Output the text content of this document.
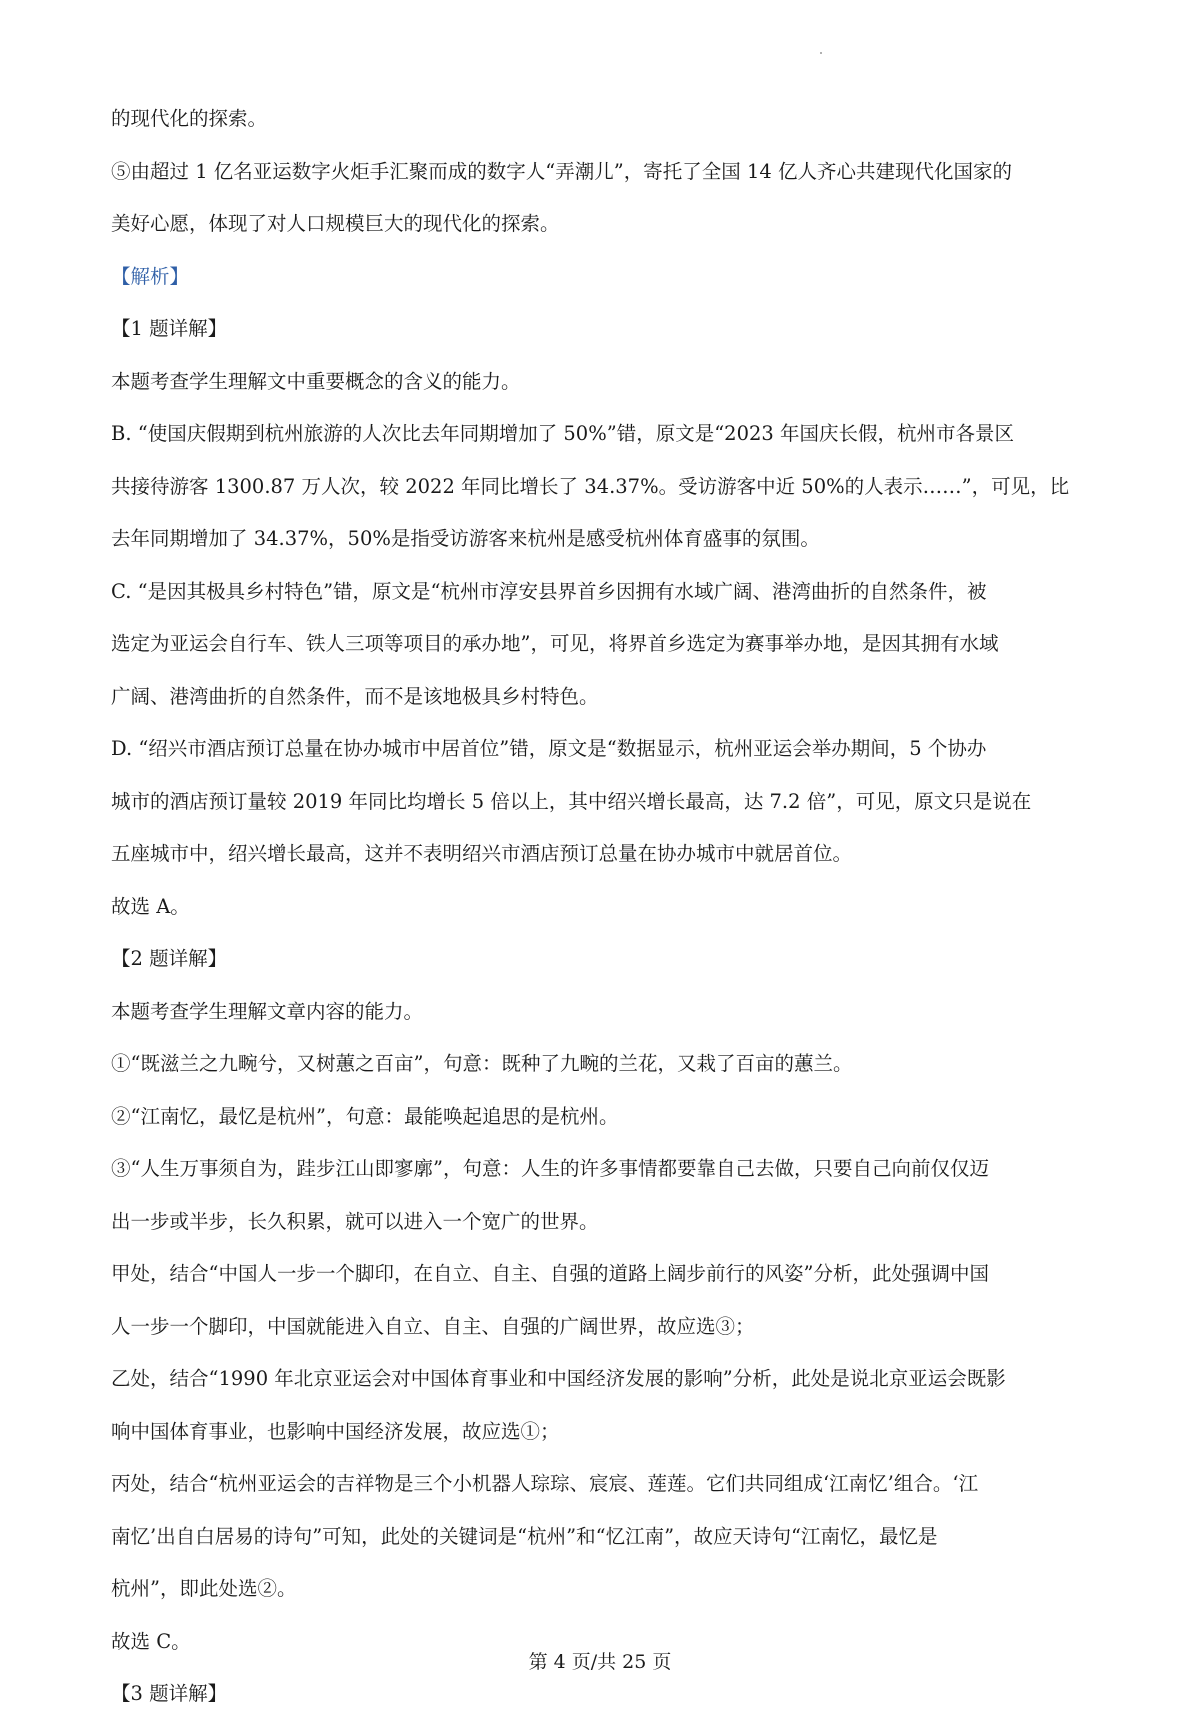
的现代化的探索。

⑤由超过 1 亿名亚运数字火炬手汇聚而成的数字人“弄潮儿”，寄托了全国 14 亿人齐心共建现代化国家的

美好心愿，体现了对人口规模巨大的现代化的探索。

【解析】

【1 题详解】

本题考查学生理解文中重要概念的含义的能力。

B. “使国庆假期到杭州旅游的人次比去年同期增加了 50%”错，原文是“2023 年国庆长假，杭州市各景区

共接待游客 1300.87 万人次，较 2022 年同比增长了 34.37%。受访游客中近 50%的人表示……”，可见，比

去年同期增加了 34.37%，50%是指受访游客来杭州是感受杭州体育盛事的氛围。

C. “是因其极具乡村特色”错，原文是“杭州市淳安县界首乡因拥有水域广阔、港湾曲折的自然条件，被

选定为亚运会自行车、铁人三项等项目的承办地”，可见，将界首乡选定为赛事举办地，是因其拥有水域

广阔、港湾曲折的自然条件，而不是该地极具乡村特色。

D. “绍兴市酒店预订总量在协办城市中居首位”错，原文是“数据显示，杭州亚运会举办期间，5 个协办

城市的酒店预订量较 2019 年同比均增长 5 倍以上，其中绍兴增长最高，达 7.2 倍”，可见，原文只是说在

五座城市中，绍兴增长最高，这并不表明绍兴市酒店预订总量在协办城市中就居首位。

故选 A。

【2 题详解】

本题考查学生理解文章内容的能力。

①“既滋兰之九畹兮，又树蕙之百亩”，句意：既种了九畹的兰花，又栽了百亩的蕙兰。

②“江南忆，最忆是杭州”，句意：最能唤起追思的是杭州。

③“人生万事须自为，跬步江山即寥廓”，句意：人生的许多事情都要靠自己去做，只要自己向前仅仅迈

出一步或半步，长久积累，就可以进入一个宽广的世界。

甲处，结合“中国人一步一个脚印，在自立、自主、自强的道路上阔步前行的风姿”分析，此处强调中国

人一步一个脚印，中国就能进入自立、自主、自强的广阔世界，故应选③；

乙处，结合“1990 年北京亚运会对中国体育事业和中国经济发展的影响”分析，此处是说北京亚运会既影

响中国体育事业，也影响中国经济发展，故应选①；

丙处，结合“杭州亚运会的吉祥物是三个小机器人琮琮、宸宸、莲莲。它们共同组成‘江南忆’组合。‘江

南忆’出自白居易的诗句”可知，此处的关键词是“杭州”和“忆江南”，故应天诗句“江南忆，最忆是

杭州”，即此处选②。

故选 C。

【3 题详解】

第 4 页/共 25 页
